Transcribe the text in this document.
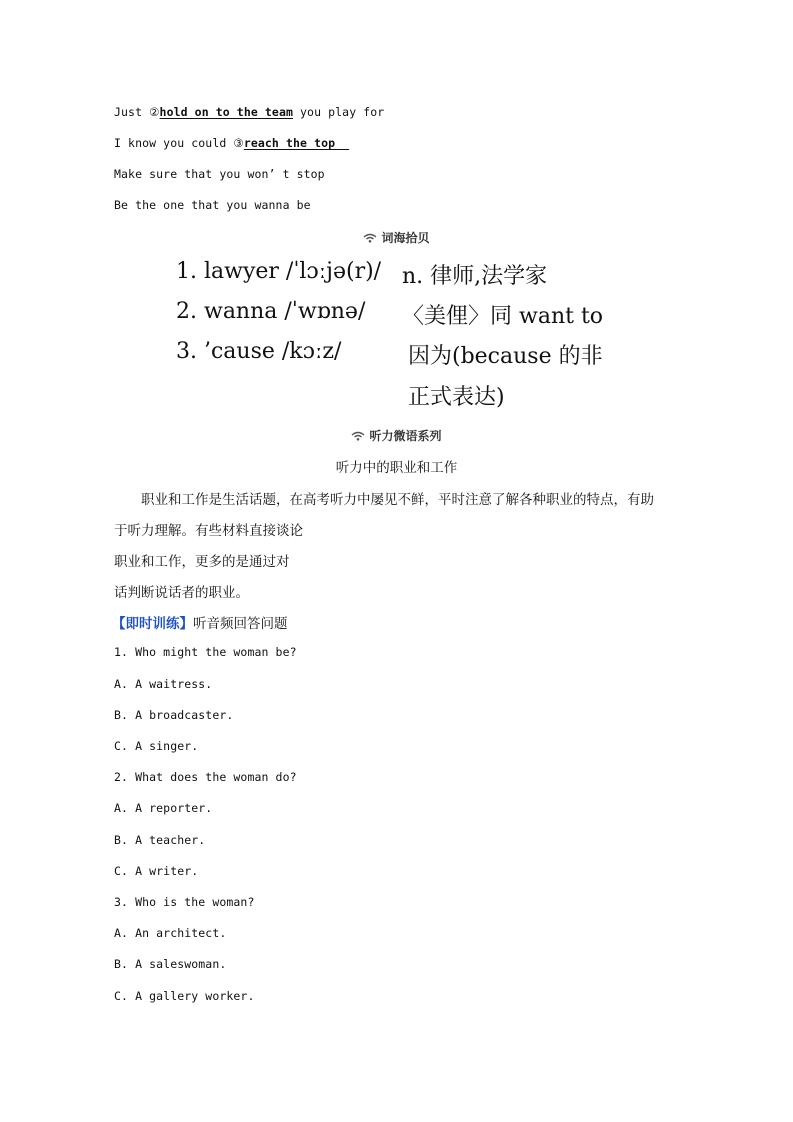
Just ②hold on to the team you play for
I know you could ③reach the top
Make sure that you won’ t stop
Be the one that you wanna be
词海拾贝
1. lawyer /ˈlɔːjə(r)/ n. 律师,法学家
2. wanna /ˈwɒnə/ 〈美俚〉同 want to
3. ’cause /kɔːz/	因为(because 的非
正式表达)
听力微语系列
听力中的职业和工作
职业和工作是生活话题，在高考听力中屡见不鲜，平时注意了解各种职业的特点，有助
于听力理解。有些材料直接谈论
职业和工作，更多的是通过对
话判断说话者的职业。
【即时训练】听音频回答问题
1. Who might the woman be?
A. A waitress.
B. A broadcaster.
C. A singer.
2. What does the woman do?
A. A reporter.
B. A teacher.
C. A writer.
3. Who is the woman?
A. An architect.
B. A saleswoman.
C. A gallery worker.
